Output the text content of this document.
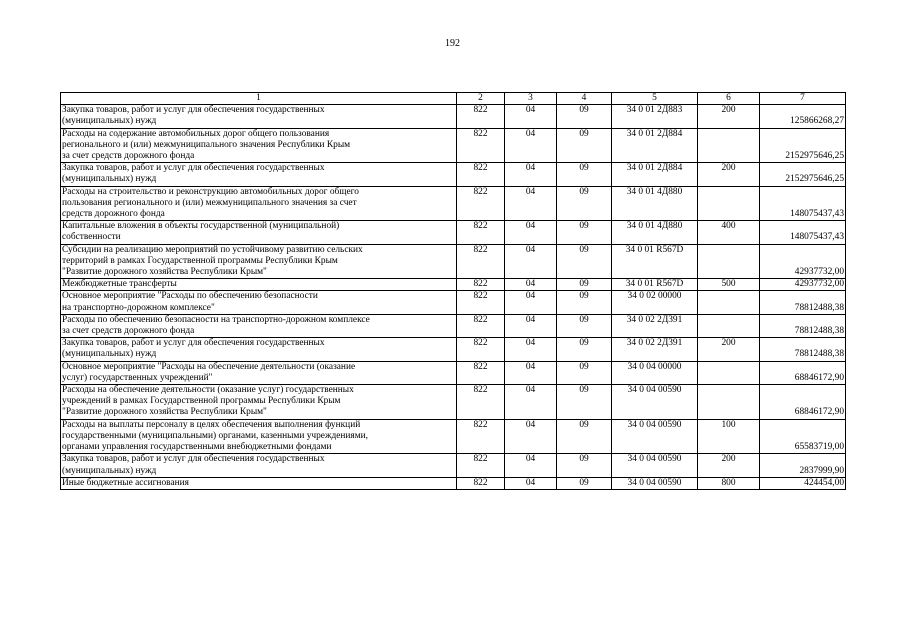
192
1	2	3	4	5	6	7
Закупка товаров, работ и услуг для обеспечения государственных
(муниципальных) нужд	822	04	09	34 0 01 2Д883	200	125866268,27
Расходы на содержание автомобильных дорог общего пользования
регионального и (или) межмуниципального значения Республики Крым
за счет средств дорожного фонда	822	04	09	34 0 01 2Д884		2152975646,25
Закупка товаров, работ и услуг для обеспечения государственных
(муниципальных) нужд	822	04	09	34 0 01 2Д884	200	2152975646,25
Расходы на строительство и реконструкцию автомобильных дорог общего
пользования регионального и (или) межмуниципального значения за счет
средств дорожного фонда	822	04	09	34 0 01 4Д880		148075437,43
Капитальные вложения в объекты государственной (муниципальной)
собственности	822	04	09	34 0 01 4Д880	400	148075437,43
Субсидии на реализацию мероприятий по устойчивому развитию сельских
территорий в рамках Государственной программы Республики Крым
"Развитие дорожного хозяйства Республики Крым"	822	04	09	34 0 01 R567D		42937732,00
Межбюджетные трансферты	822	04	09	34 0 01 R567D	500	42937732,00
Основное мероприятие "Расходы по обеспечению безопасности
на транспортно-дорожном комплексе"	822	04	09	34 0 02 00000		78812488,38
Расходы по обеспечению безопасности на транспортно-дорожном комплексе
за счет средств дорожного фонда	822	04	09	34 0 02 2Д391		78812488,38
Закупка товаров, работ и услуг для обеспечения государственных
(муниципальных) нужд	822	04	09	34 0 02 2Д391	200	78812488,38
Основное мероприятие "Расходы на обеспечение деятельности (оказание
услуг) государственных учреждений"	822	04	09	34 0 04 00000		68846172,90
Расходы на обеспечение деятельности (оказание услуг) государственных
учреждений в рамках Государственной программы Республики Крым
"Развитие дорожного хозяйства Республики Крым"	822	04	09	34 0 04 00590		68846172,90
Расходы на выплаты персоналу в целях обеспечения выполнения функций
государственными (муниципальными) органами, казенными учреждениями,
органами управления государственными внебюджетными фондами	822	04	09	34 0 04 00590	100	65583719,00
Закупка товаров, работ и услуг для обеспечения государственных
(муниципальных) нужд	822	04	09	34 0 04 00590	200	2837999,90
Иные бюджетные ассигнования	822	04	09	34 0 04 00590	800	424454,00
